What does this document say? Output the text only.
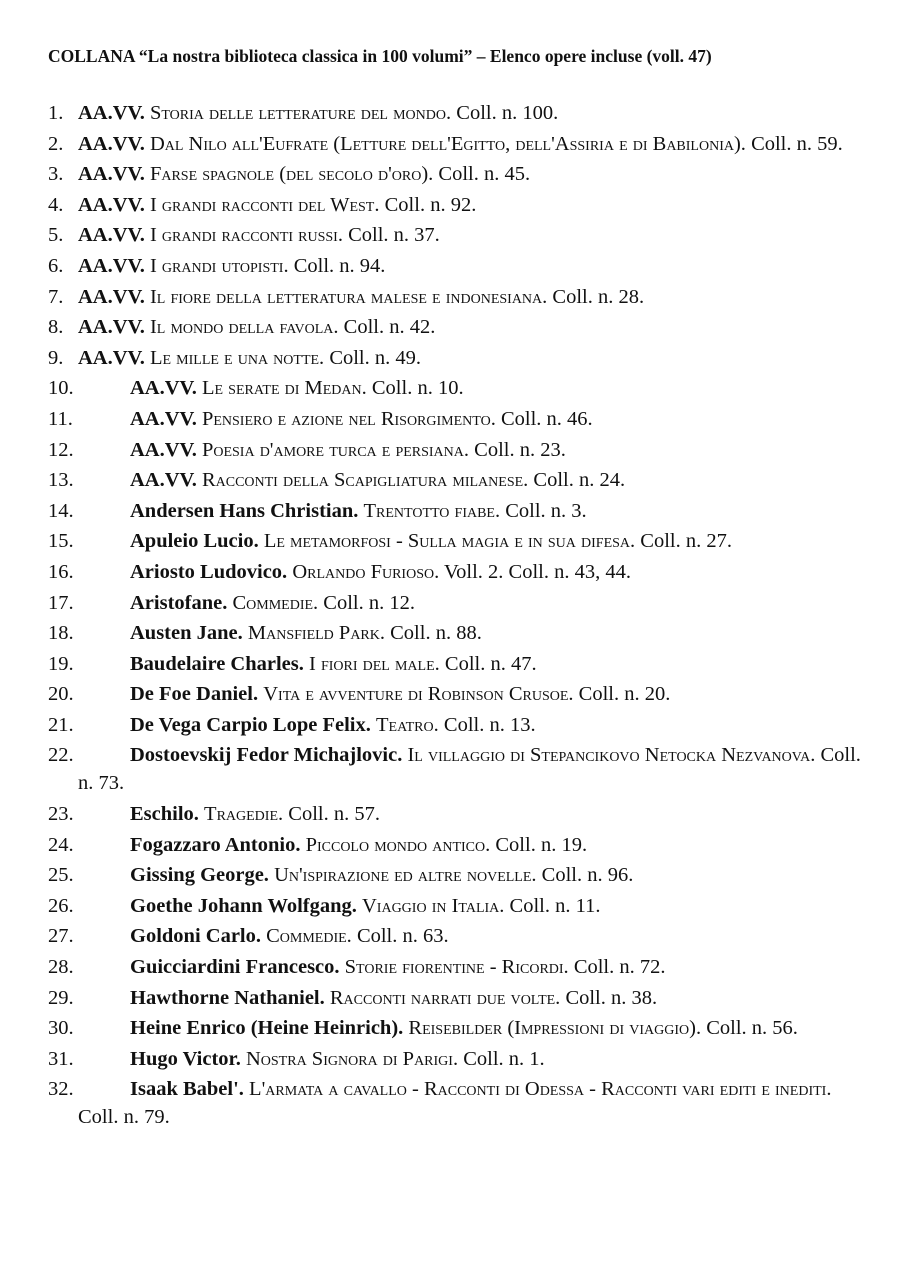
COLLANA “La nostra biblioteca classica in 100 volumi” – Elenco opere incluse (voll. 47)
1. AA.VV. Storia delle letterature del mondo. Coll. n. 100.
2. AA.VV. Dal Nilo all'Eufrate (Letture dell'Egitto, dell'Assiria e di Babilonia). Coll. n. 59.
3. AA.VV. Farse spagnole (del secolo d'oro). Coll. n. 45.
4. AA.VV. I grandi racconti del West. Coll. n. 92.
5. AA.VV. I grandi racconti russi. Coll. n. 37.
6. AA.VV. I grandi utopisti. Coll. n. 94.
7. AA.VV. Il fiore della letteratura malese e indonesiana. Coll. n. 28.
8. AA.VV. Il mondo della favola. Coll. n. 42.
9. AA.VV. Le mille e una notte. Coll. n. 49.
10.	AA.VV. Le serate di Medan. Coll. n. 10.
11.	AA.VV. Pensiero e azione nel Risorgimento. Coll. n. 46.
12.	AA.VV. Poesia d'amore turca e persiana. Coll. n. 23.
13.	AA.VV. Racconti della Scapigliatura milanese. Coll. n. 24.
14.	Andersen Hans Christian. Trentotto fiabe. Coll. n. 3.
15.	Apuleio Lucio. Le metamorfosi - Sulla magia e in sua difesa. Coll. n. 27.
16.	Ariosto Ludovico. Orlando Furioso. Voll. 2. Coll. n. 43, 44.
17.	Aristofane. Commedie. Coll. n. 12.
18.	Austen Jane. Mansfield Park. Coll. n. 88.
19.	Baudelaire Charles. I fiori del male. Coll. n. 47.
20.	De Foe Daniel. Vita e avventure di Robinson Crusoe. Coll. n. 20.
21.	De Vega Carpio Lope Felix. Teatro. Coll. n. 13.
22.	Dostoevskij Fedor Michajlovic. Il villaggio di Stepancikovo Netocka Nezvanova. Coll. n. 73.
23.	Eschilo. Tragedie. Coll. n. 57.
24.	Fogazzaro Antonio. Piccolo mondo antico. Coll. n. 19.
25.	Gissing George. Un'ispirazione ed altre novelle. Coll. n. 96.
26.	Goethe Johann Wolfgang. Viaggio in Italia. Coll. n. 11.
27.	Goldoni Carlo. Commedie. Coll. n. 63.
28.	Guicciardini Francesco. Storie fiorentine - Ricordi. Coll. n. 72.
29.	Hawthorne Nathaniel. Racconti narrati due volte. Coll. n. 38.
30.	Heine Enrico (Heine Heinrich). Reisebilder (Impressioni di viaggio). Coll. n. 56.
31.	Hugo Victor. Nostra Signora di Parigi. Coll. n. 1.
32.	Isaak Babel'. L'armata a cavallo - Racconti di Odessa - Racconti vari editi e inediti. Coll. n. 79.
